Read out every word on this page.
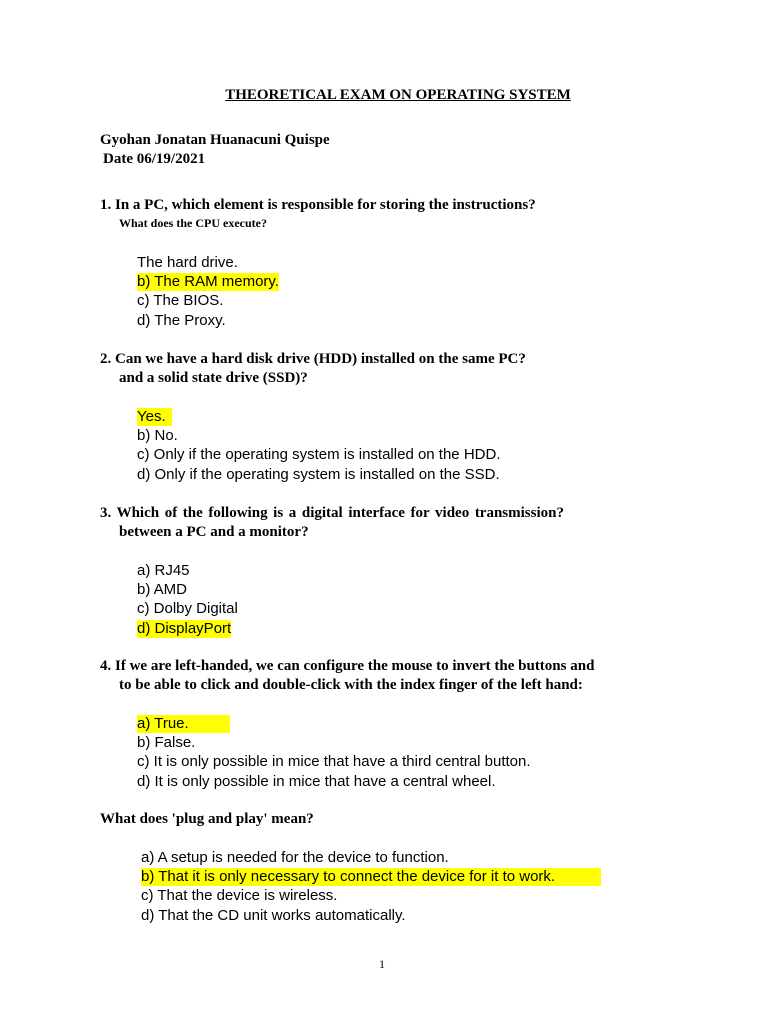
THEORETICAL EXAM ON OPERATING SYSTEM
Gyohan Jonatan Huanacuni Quispe
Date 06/19/2021
1. In a PC, which element is responsible for storing the instructions?
What does the CPU execute?
The hard drive.
b) The RAM memory.
c) The BIOS.
d) The Proxy.
2. Can we have a hard disk drive (HDD) installed on the same PC?
and a solid state drive (SSD)?
Yes.
b) No.
c) Only if the operating system is installed on the HDD.
d) Only if the operating system is installed on the SSD.
3. Which of the following is a digital interface for video transmission?
between a PC and a monitor?
a) RJ45
b) AMD
c) Dolby Digital
d) DisplayPort
4. If we are left-handed, we can configure the mouse to invert the buttons and
to be able to click and double-click with the index finger of the left hand:
a) True.
b) False.
c) It is only possible in mice that have a third central button.
d) It is only possible in mice that have a central wheel.
What does 'plug and play' mean?
a) A setup is needed for the device to function.
b) That it is only necessary to connect the device for it to work.
c) That the device is wireless.
d) That the CD unit works automatically.
1
